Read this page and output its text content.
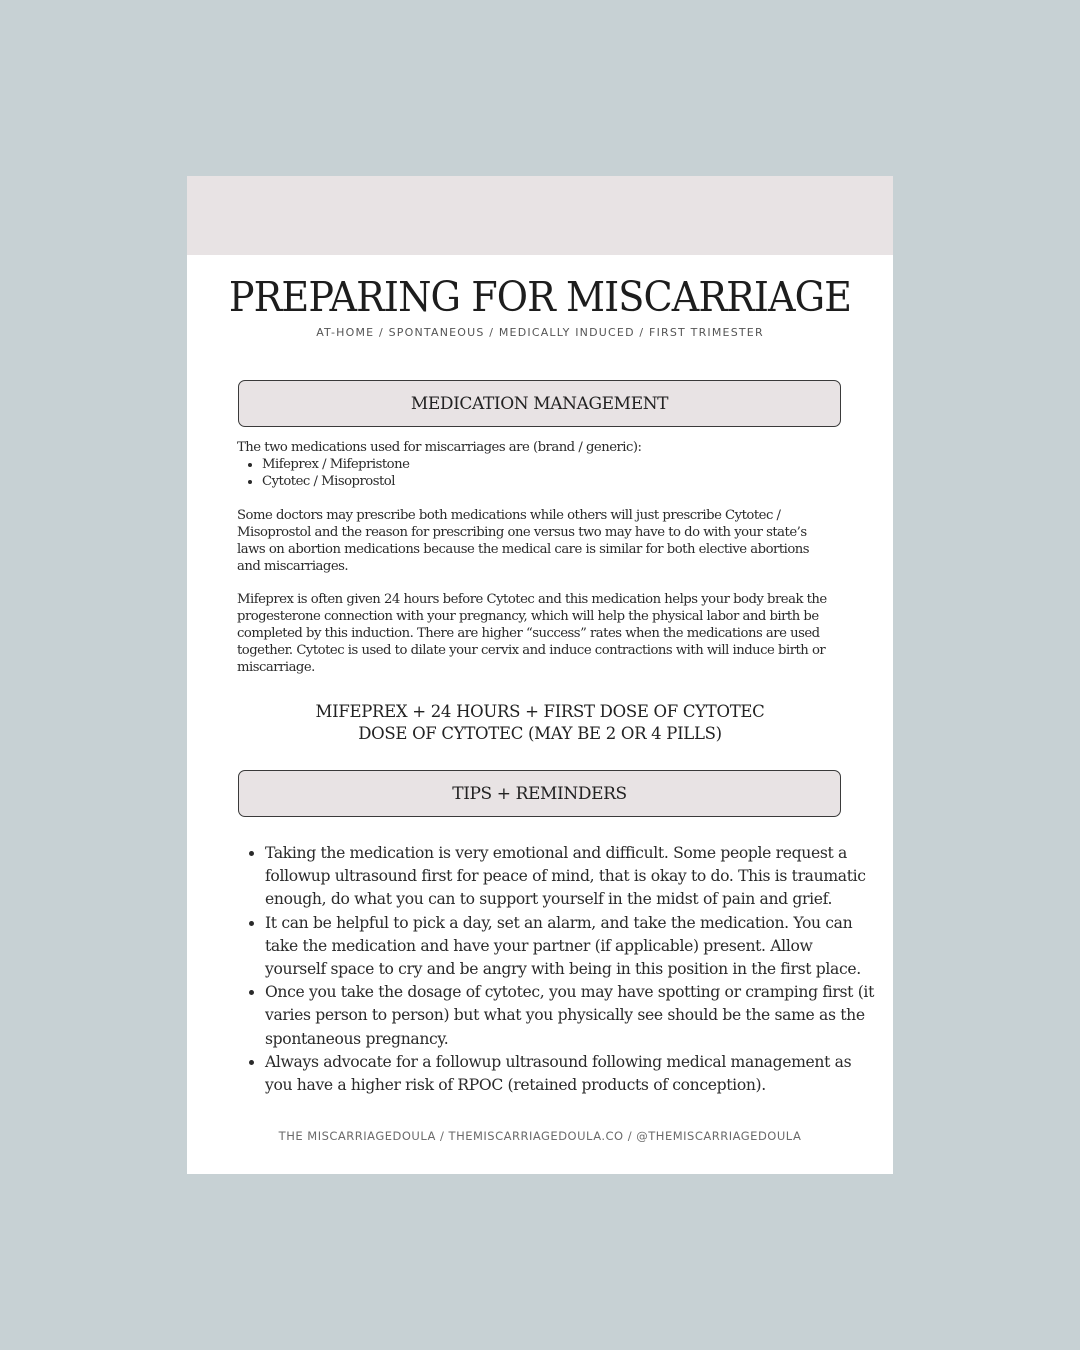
PREPARING FOR MISCARRIAGE
AT-HOME / SPONTANEOUS / MEDICALLY INDUCED / FIRST TRIMESTER
MEDICATION MANAGEMENT

The two medications used for miscarriages are (brand / generic):

• Mifeprex / Mifepristone
• Cytotec / Misoprostol
Some doctors may prescribe both medications while others will just prescribe Cytotec / Misoprostol and the reason for prescribing one versus two may have to do with your state’s laws on abortion medications because the medical care is similar for both elective abortions and miscarriages.
Mifeprex is often given 24 hours before Cytotec and this medication helps your body break the progesterone connection with your pregnancy, which will help the physical labor and birth be completed by this induction. There are higher “success” rates when the medications are used together. Cytotec is used to dilate your cervix and induce contractions with will induce birth or miscarriage.
MIFEPREX + 24 HOURS + FIRST DOSE OF CYTOTEC
DOSE OF CYTOTEC (MAY BE 2 OR 4 PILLS)
TIPS + REMINDERS
• Taking the medication is very emotional and difficult. Some people request a followup ultrasound first for peace of mind, that is okay to do. This is traumatic enough, do what you can to support yourself in the midst of pain and grief.
• It can be helpful to pick a day, set an alarm, and take the medication. You can take the medication and have your partner (if applicable) present. Allow yourself space to cry and be angry with being in this position in the first place.
• Once you take the dosage of cytotec, you may have spotting or cramping first (it varies person to person) but what you physically see should be the same as the spontaneous pregnancy.
• Always advocate for a followup ultrasound following medical management as you have a higher risk of RPOC (retained products of conception).
THE MISCARRIAGEDOULA / THEMISCARRIAGEDOULA.CO / @THEMISCARRIAGEDOULA
